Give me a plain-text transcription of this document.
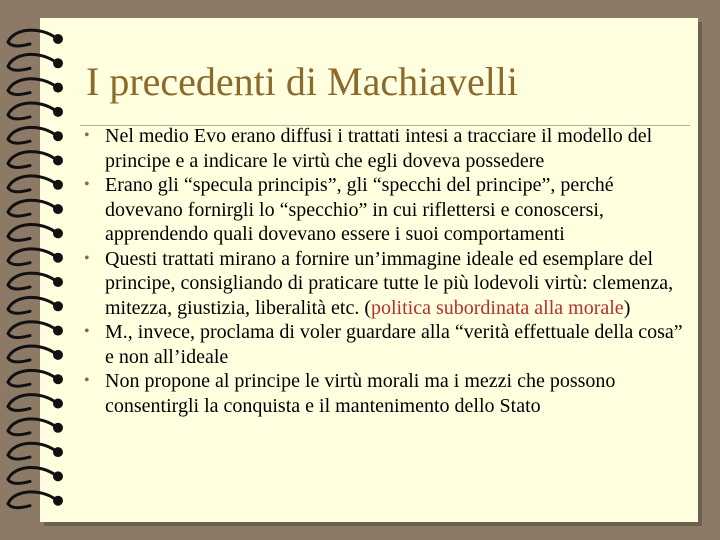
I precedenti di Machiavelli
• Nel medio Evo erano diffusi i trattati intesi a tracciare il modello del principe e a indicare le virtù che egli doveva possedere
• Erano gli “specula principis”, gli “specchi del principe”, perché dovevano fornirgli lo “specchio” in cui riflettersi e conoscersi, apprendendo quali dovevano essere i suoi comportamenti
• Questi trattati mirano a fornire un’immagine ideale ed esemplare del principe, consigliando di praticare tutte le più lodevoli virtù: clemenza, mitezza, giustizia, liberalità etc. (politica subordinata alla morale)
• M., invece, proclama di voler guardare alla “verità effettuale della cosa” e non all’ideale
• Non propone al principe le virtù morali ma i mezzi che possono consentirgli la conquista e il mantenimento dello Stato
